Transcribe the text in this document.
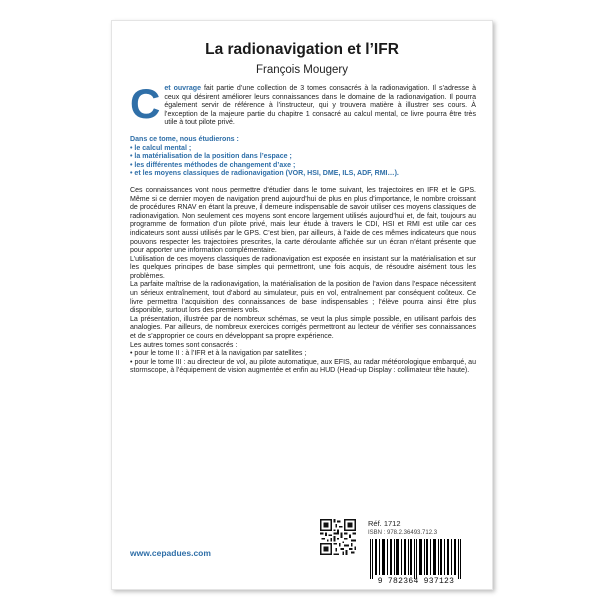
La radionavigation et l’IFR
François Mougery

Cet ouvrage fait partie d’une collection de 3 tomes consacrés à la radionavigation. Il s’adresse à ceux qui désirent améliorer leurs connaissances dans le domaine de la radionavigation. Il pourra également servir de référence à l’instructeur, qui y trouvera matière à illustrer ses cours. À l’exception de la majeure partie du chapitre 1 consacré au calcul mental, ce livre pourra être très utile à tout pilote privé.

Dans ce tome, nous étudierons :
• le calcul mental ;
• la matérialisation de la position dans l’espace ;
• les différentes méthodes de changement d’axe ;
• et les moyens classiques de radionavigation (VOR, HSI, DME, ILS, ADF, RMI…).

Ces connaissances vont nous permettre d’étudier dans le tome suivant, les trajectoires en IFR et le GPS. Même si ce dernier moyen de navigation prend aujourd’hui de plus en plus d’importance, le nombre croissant de procédures RNAV en étant la preuve, il demeure indispensable de savoir utiliser ces moyens classiques de radionavigation. Non seulement ces moyens sont encore largement utilisés aujourd’hui et, de fait, toujours au programme de formation d’un pilote privé, mais leur étude à travers le CDI, HSI et RMI est utile car ces indicateurs sont aussi utilisés par le GPS. C’est bien, par ailleurs, à l’aide de ces mêmes indicateurs que nous pouvons respecter les trajectoires prescrites, la carte déroulante affichée sur un écran n’étant présente que pour apporter une information complémentaire.

L’utilisation de ces moyens classiques de radionavigation est exposée en insistant sur la matérialisation et sur les quelques principes de base simples qui permettront, une fois acquis, de résoudre aisément tous les problèmes.

La parfaite maîtrise de la radionavigation, la matérialisation de la position de l’avion dans l’espace nécessitent un sérieux entraînement, tout d’abord au simulateur, puis en vol, entraînement par conséquent coûteux. Ce livre permettra l’acquisition des connaissances de base indispensables ; l’élève pourra ainsi être plus disponible, surtout lors des premiers vols.

La présentation, illustrée par de nombreux schémas, se veut la plus simple possible, en utilisant parfois des analogies. Par ailleurs, de nombreux exercices corrigés permettront au lecteur de vérifier ses connaissances et de s’approprier ce cours en développant sa propre expérience.

Les autres tomes sont consacrés :

• pour le tome II : à l’IFR et à la navigation par satellites ;

• pour le tome III : au directeur de vol, au pilote automatique, aux EFIS, au radar météorologique embarqué, au stormscope, à l’équipement de vision augmentée et enfin au HUD (Head-up Display : collimateur tête haute).

www.cepadues.com
Réf. 1712
ISBN : 978.2.36493.712.3
9 782364 937123
